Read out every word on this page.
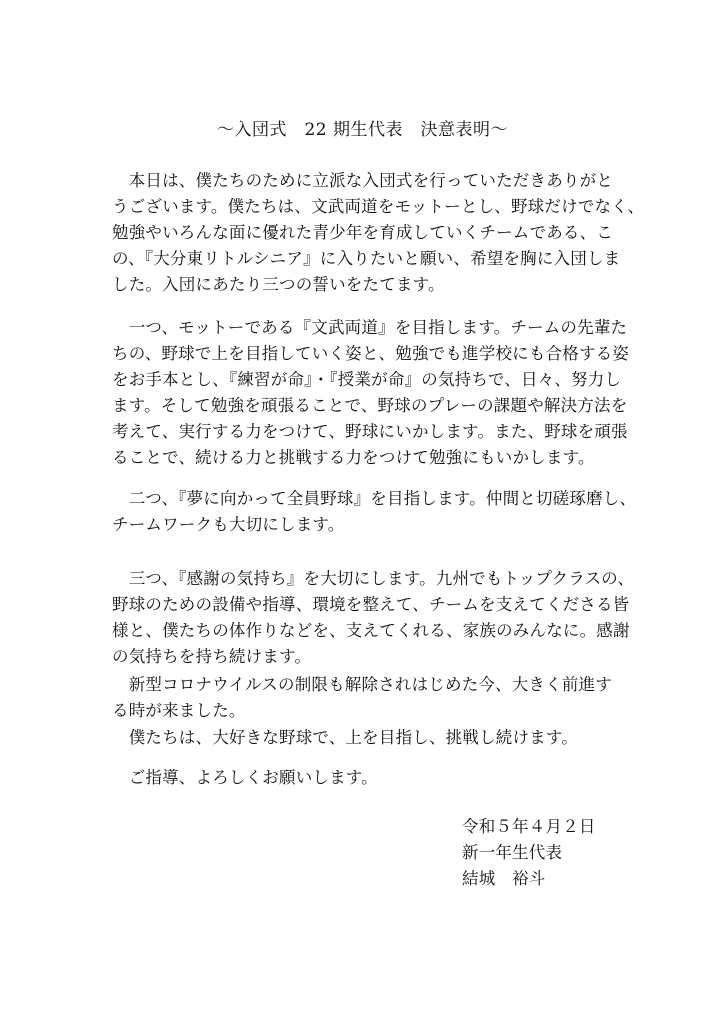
～入団式　22 期生代表　決意表明～
　本日は、僕たちのために立派な入団式を行っていただきありがと
うございます。僕たちは、文武両道をモットーとし、野球だけでなく、
勉強やいろんな面に優れた青少年を育成していくチームである、こ
の、『大分東リトルシニア』に入りたいと願い、希望を胸に入団しま
した。入団にあたり三つの誓いをたてます。
　一つ、モットーである『文武両道』を目指します。チームの先輩た
ちの、野球で上を目指していく姿と、勉強でも進学校にも合格する姿
をお手本とし、『練習が命』・『授業が命』の気持ちで、日々、努力し
ます。そして勉強を頑張ることで、野球のプレーの課題や解決方法を
考えて、実行する力をつけて、野球にいかします。また、野球を頑張
ることで、続ける力と挑戦する力をつけて勉強にもいかします。
　二つ、『夢に向かって全員野球』を目指します。仲間と切磋琢磨し、
チームワークも大切にします。
　三つ、『感謝の気持ち』を大切にします。九州でもトップクラスの、
野球のための設備や指導、環境を整えて、チームを支えてくださる皆
様と、僕たちの体作りなどを、支えてくれる、家族のみんなに。感謝
の気持ちを持ち続けます。
　新型コロナウイルスの制限も解除されはじめた今、大きく前進す
る時が来ました。
　僕たちは、大好きな野球で、上を目指し、挑戦し続けます。
　ご指導、よろしくお願いします。
令和５年４月２日
新一年生代表
結城　裕斗
